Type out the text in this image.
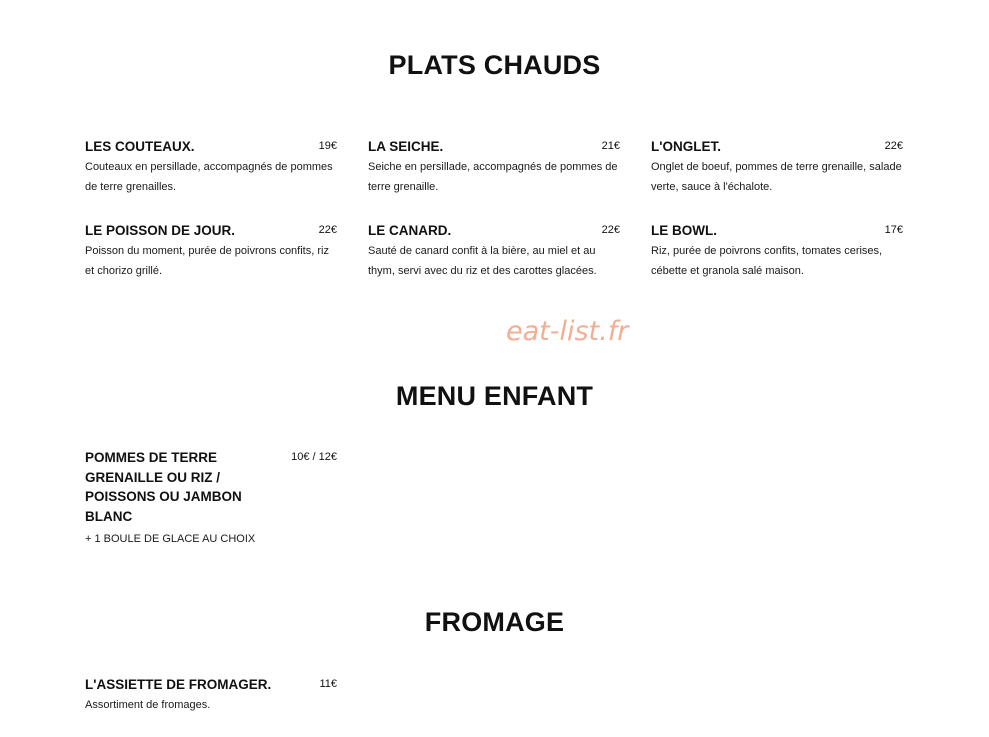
PLATS CHAUDS
LES COUTEAUX.	19€
Couteaux en persillade, accompagnés de pommes de terre grenailles.
LA SEICHE.	21€
Seiche en persillade, accompagnés de pommes de terre grenaille.
L'ONGLET.	22€
Onglet de boeuf, pommes de terre grenaille, salade verte, sauce à l'échalote.
LE POISSON DE JOUR.	22€
Poisson du moment, purée de poivrons confits, riz et chorizo grillé.
LE CANARD.	22€
Sauté de canard confit à la bière, au miel et au thym, servi avec du riz et des carottes glacées.
LE BOWL.	17€
Riz, purée de poivrons confits, tomates cerises, cébette et granola salé maison.
eat-list.fr
MENU ENFANT
POMMES DE TERRE GRENAILLE OU RIZ / POISSONS OU JAMBON BLANC
10€ / 12€
+ 1 BOULE DE GLACE AU CHOIX
FROMAGE
L'ASSIETTE DE FROMAGER.	11€
Assortiment de fromages.
